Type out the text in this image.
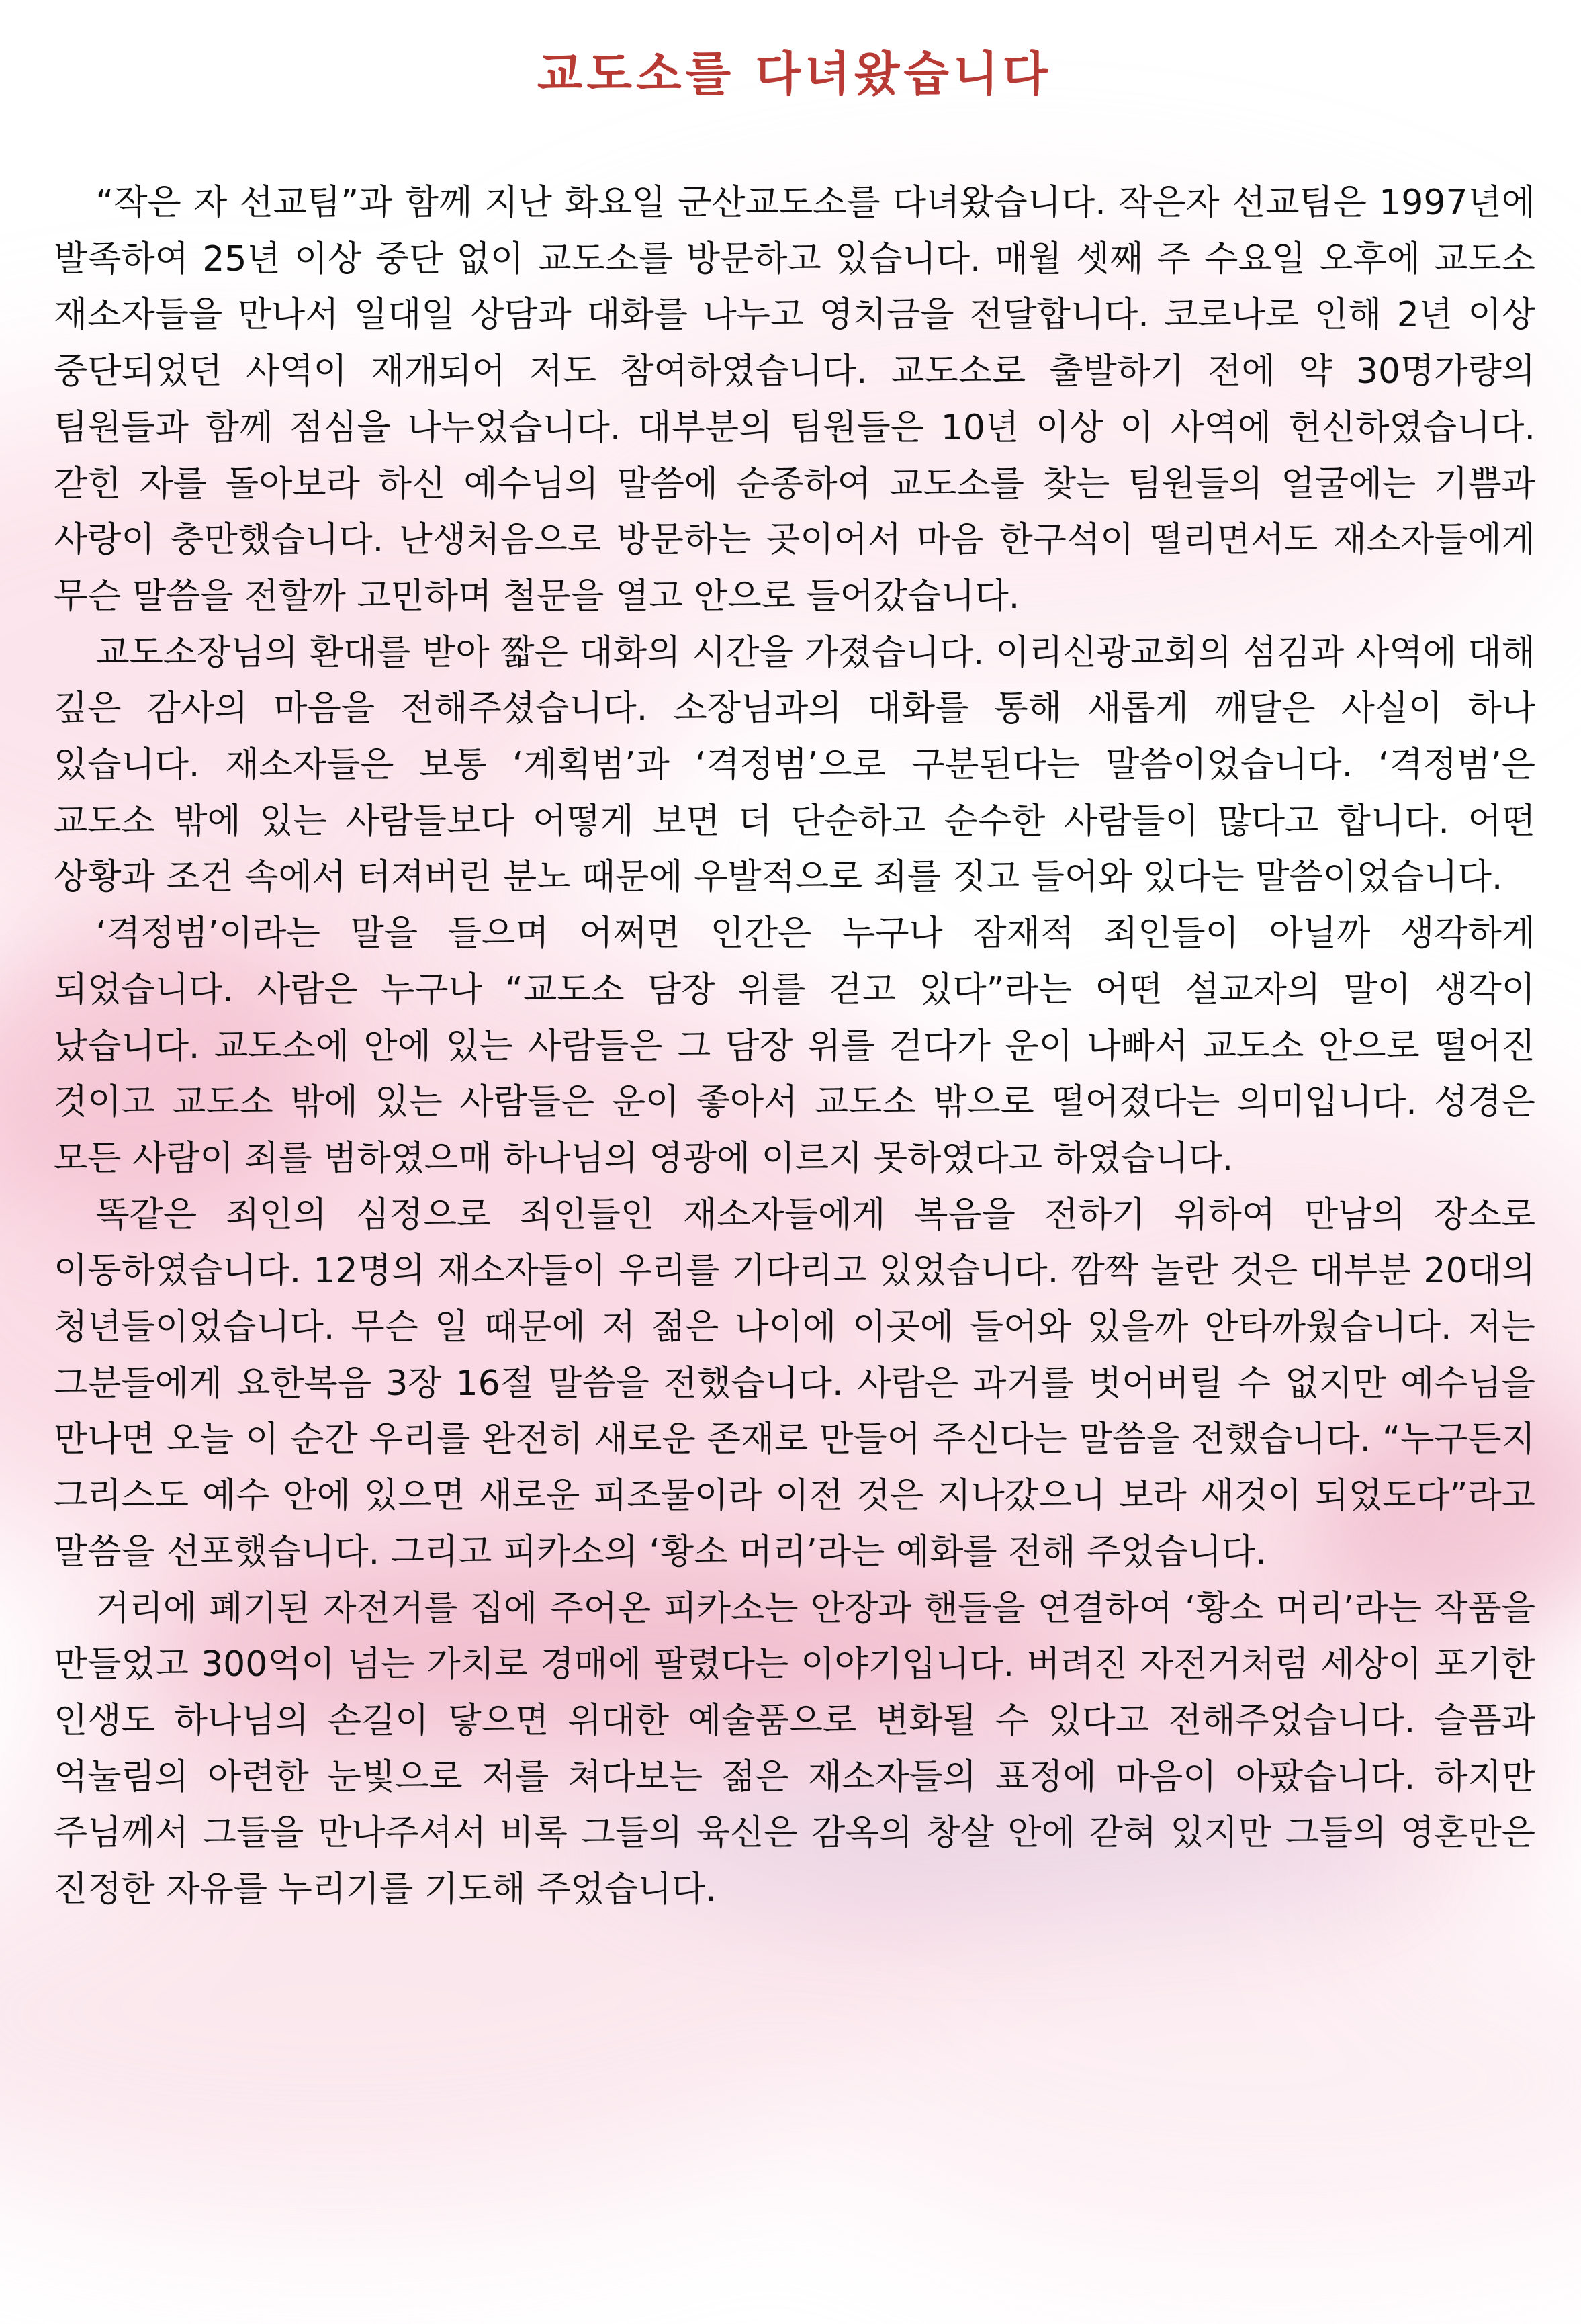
교도소를 다녀왔습니다

“작은 자 선교팀”과 함께 지난 화요일 군산교도소를 다녀왔습니다. 작은자 선교팀은 1997년에 발족하여 25년 이상 중단 없이 교도소를 방문하고 있습니다. 매월 셋째 주 수요일 오후에 교도소 재소자들을 만나서 일대일 상담과 대화를 나누고 영치금을 전달합니다. 코로나로 인해 2년 이상 중단되었던 사역이 재개되어 저도 참여하였습니다. 교도소로 출발하기 전에 약 30명가량의 팀원들과 함께 점심을 나누었습니다. 대부분의 팀원들은 10년 이상 이 사역에 헌신하였습니다. 갇힌 자를 돌아보라 하신 예수님의 말씀에 순종하여 교도소를 찾는 팀원들의 얼굴에는 기쁨과 사랑이 충만했습니다. 난생처음으로 방문하는 곳이어서 마음 한구석이 떨리면서도 재소자들에게 무슨 말씀을 전할까 고민하며 철문을 열고 안으로 들어갔습니다.

교도소장님의 환대를 받아 짧은 대화의 시간을 가졌습니다. 이리신광교회의 섬김과 사역에 대해 깊은 감사의 마음을 전해주셨습니다. 소장님과의 대화를 통해 새롭게 깨달은 사실이 하나 있습니다. 재소자들은 보통 ‘계획범’과 ‘격정범’으로 구분된다는 말씀이었습니다. ‘격정범’은 교도소 밖에 있는 사람들보다 어떻게 보면 더 단순하고 순수한 사람들이 많다고 합니다. 어떤 상황과 조건 속에서 터져버린 분노 때문에 우발적으로 죄를 짓고 들어와 있다는 말씀이었습니다.

‘격정범’이라는 말을 들으며 어쩌면 인간은 누구나 잠재적 죄인들이 아닐까 생각하게 되었습니다. 사람은 누구나 “교도소 담장 위를 걷고 있다”라는 어떤 설교자의 말이 생각이 났습니다. 교도소에 안에 있는 사람들은 그 담장 위를 걷다가 운이 나빠서 교도소 안으로 떨어진 것이고 교도소 밖에 있는 사람들은 운이 좋아서 교도소 밖으로 떨어졌다는 의미입니다. 성경은 모든 사람이 죄를 범하였으매 하나님의 영광에 이르지 못하였다고 하였습니다.

똑같은 죄인의 심정으로 죄인들인 재소자들에게 복음을 전하기 위하여 만남의 장소로 이동하였습니다. 12명의 재소자들이 우리를 기다리고 있었습니다. 깜짝 놀란 것은 대부분 20대의 청년들이었습니다. 무슨 일 때문에 저 젊은 나이에 이곳에 들어와 있을까 안타까웠습니다. 저는 그분들에게 요한복음 3장 16절 말씀을 전했습니다. 사람은 과거를 벗어버릴 수 없지만 예수님을 만나면 오늘 이 순간 우리를 완전히 새로운 존재로 만들어 주신다는 말씀을 전했습니다. “누구든지 그리스도 예수 안에 있으면 새로운 피조물이라 이전 것은 지나갔으니 보라 새것이 되었도다”라고 말씀을 선포했습니다. 그리고 피카소의 ‘황소 머리’라는 예화를 전해 주었습니다.

거리에 폐기된 자전거를 집에 주어온 피카소는 안장과 핸들을 연결하여 ‘황소 머리’라는 작품을 만들었고 300억이 넘는 가치로 경매에 팔렸다는 이야기입니다. 버려진 자전거처럼 세상이 포기한 인생도 하나님의 손길이 닿으면 위대한 예술품으로 변화될 수 있다고 전해주었습니다. 슬픔과 억눌림의 아련한 눈빛으로 저를 쳐다보는 젊은 재소자들의 표정에 마음이 아팠습니다. 하지만 주님께서 그들을 만나주셔서 비록 그들의 육신은 감옥의 창살 안에 갇혀 있지만 그들의 영혼만은 진정한 자유를 누리기를 기도해 주었습니다.
